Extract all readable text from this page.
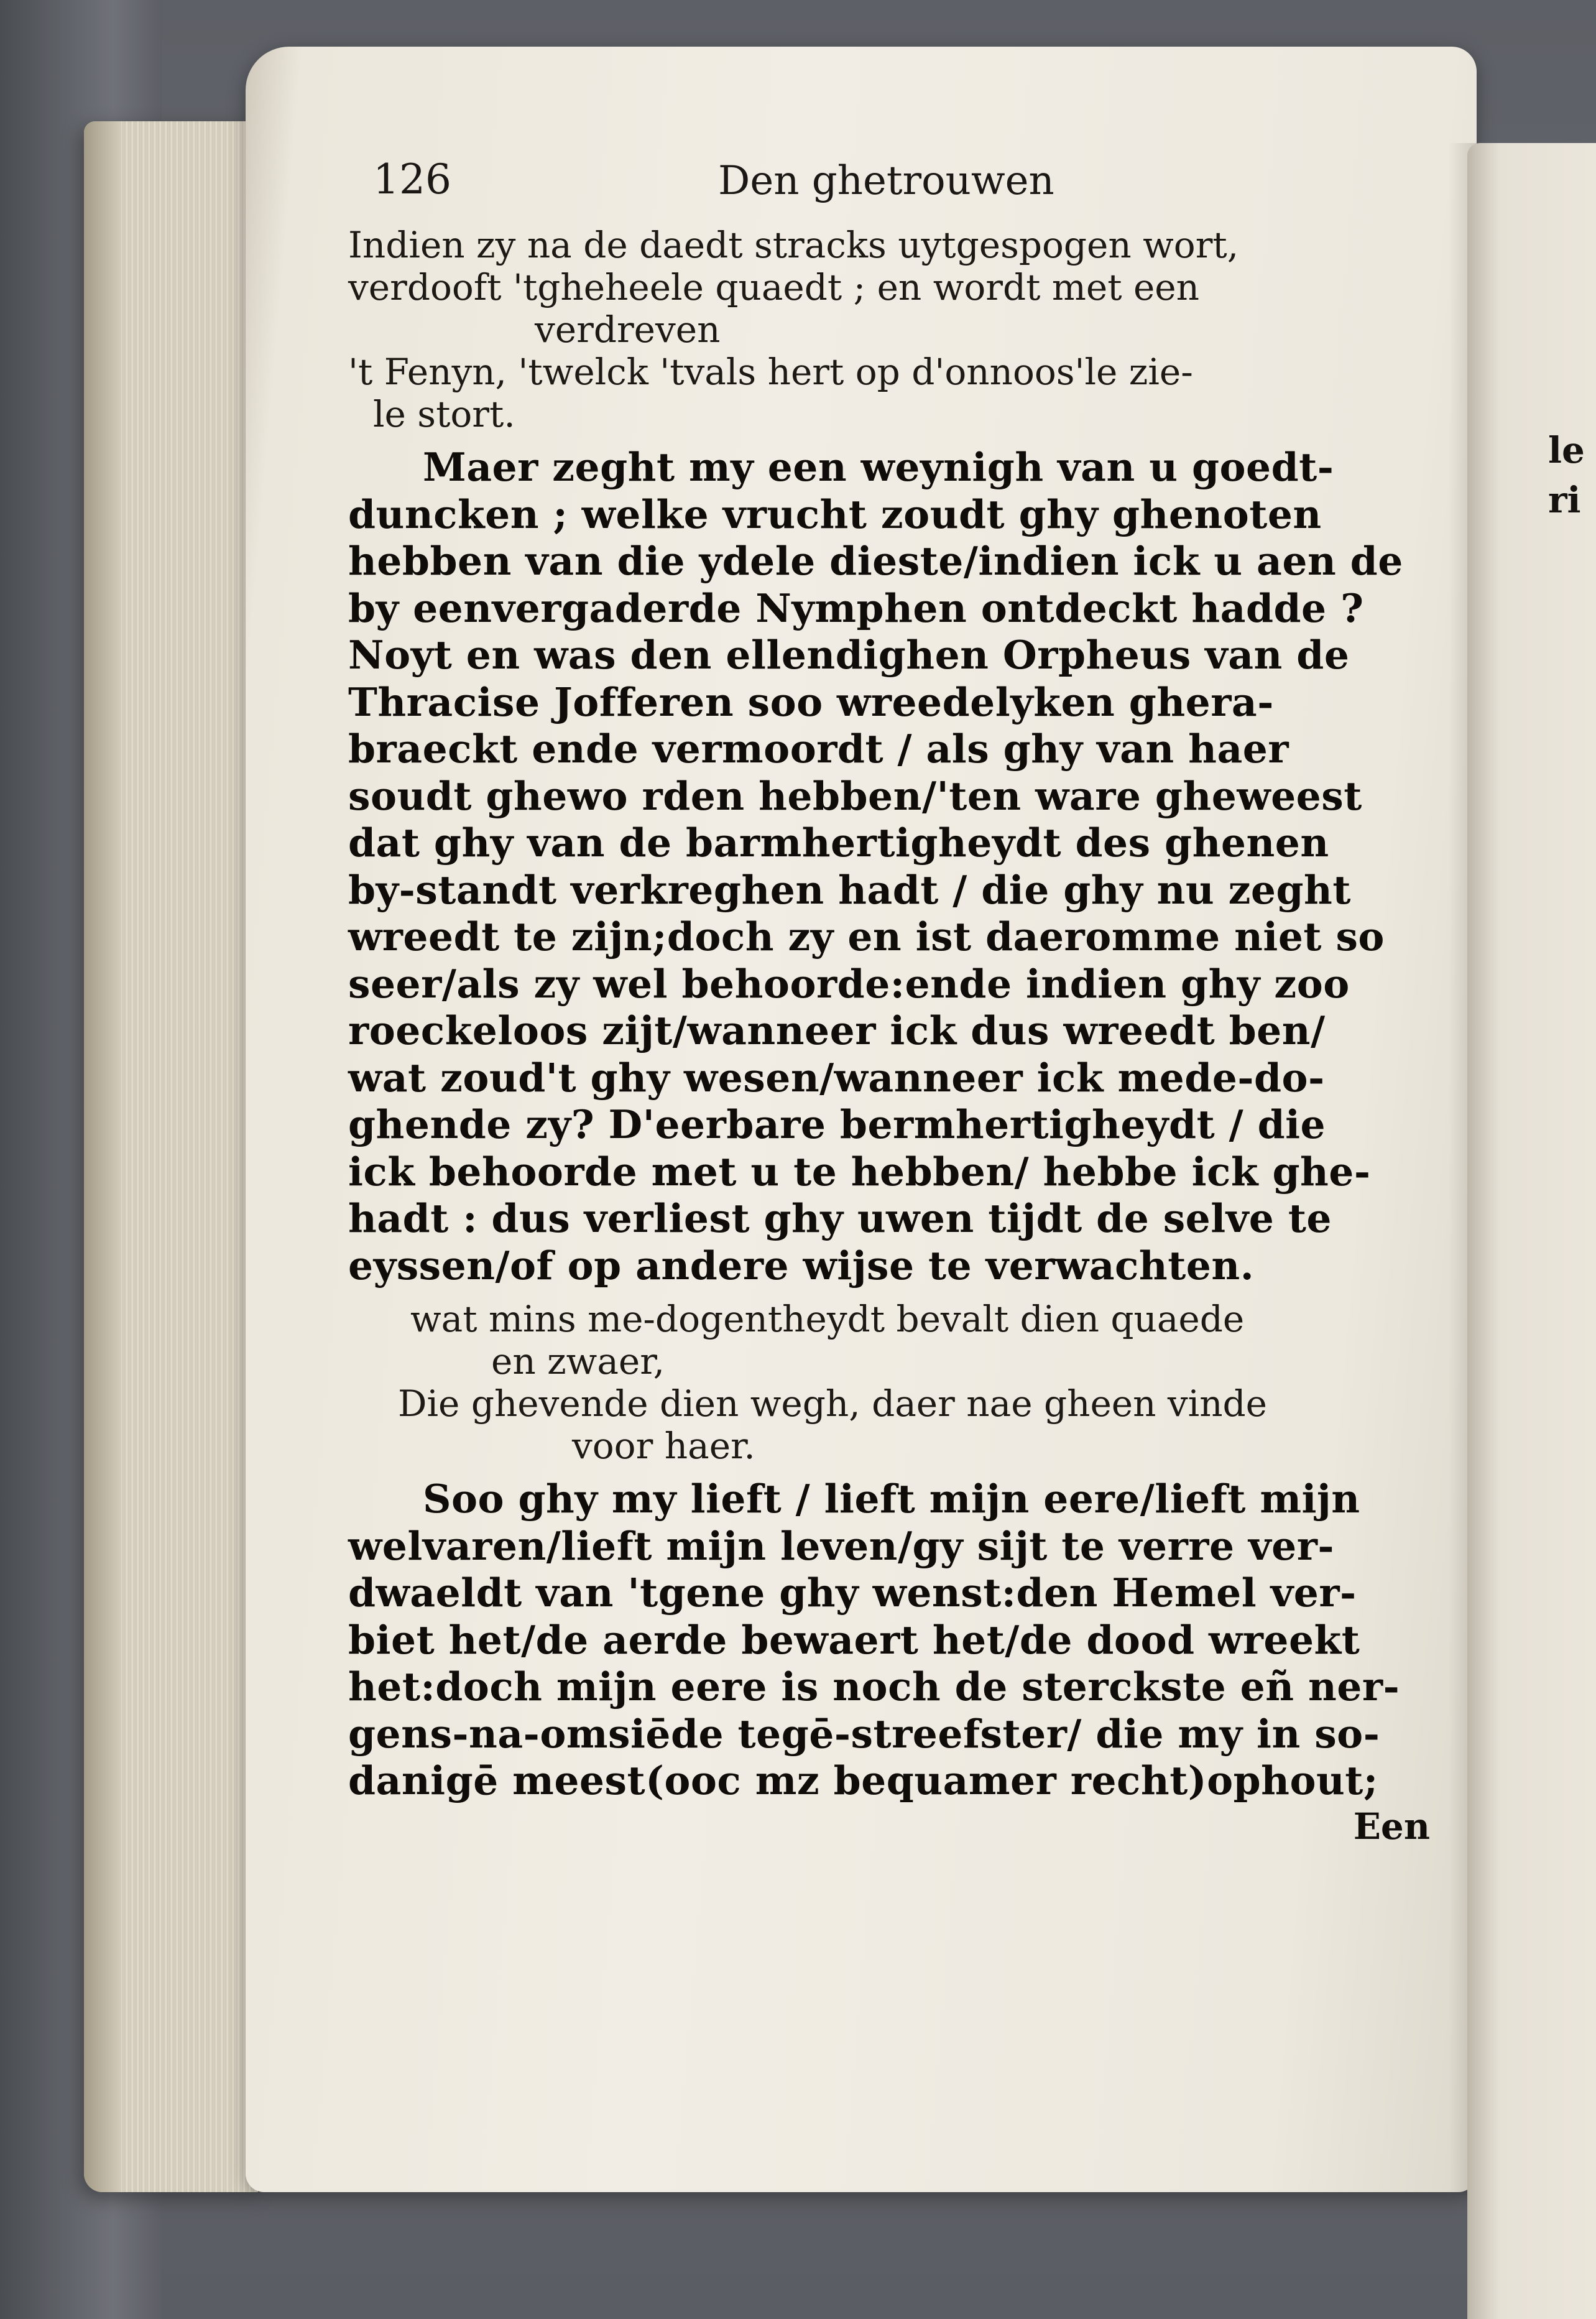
le
ri
126	Den ghetrouwen
Indien zy na de daedt stracks uytgespogen wort,
verdooft 'tgheheele quaedt ; en wordt met een
verdreven
't Fenyn, 'twelck 'tvals hert op d'onnoos'le zie-
le stort.
Maer zeght my een weynigh van u goedt-
duncken ; welke vrucht zoudt ghy ghenoten
hebben van die ydele dieste/indien ick u aen de
by eenvergaderde Nymphen ontdeckt hadde ?
Noyt en was den ellendighen Orpheus van de
Thracise Jofferen soo wreedelyken ghera-
braeckt ende vermoordt / als ghy van haer
soudt ghewo rden hebben/'ten ware gheweest
dat ghy van de barmhertigheydt des ghenen
by-standt verkreghen hadt / die ghy nu zeght
wreedt te zijn;doch zy en ist daeromme niet so
seer/als zy wel behoorde:ende indien ghy zoo
roeckeloos zijt/wanneer ick dus wreedt ben/
wat zoud't ghy wesen/wanneer ick mede-do-
ghende zy? D'eerbare bermhertigheydt / die
ick behoorde met u te hebben/ hebbe ick ghe-
hadt : dus verliest ghy uwen tijdt de selve te
eyssen/of op andere wijse te verwachten.
wat mins me-dogentheydt bevalt dien quaede
en zwaer,
Die ghevende dien wegh, daer nae gheen vinde
voor haer.
Soo ghy my lieft / lieft mijn eere/lieft mijn
welvaren/lieft mijn leven/gy sijt te verre ver-
dwaeldt van 'tgene ghy wenst:den Hemel ver-
biet het/de aerde bewaert het/de dood wreekt
het:doch mijn eere is noch de sterckste eñ ner-
gens-na-omsiēde tegē-streefster/ die my in so-
danigē meest(ooc mz bequamer recht)ophout;
Een
